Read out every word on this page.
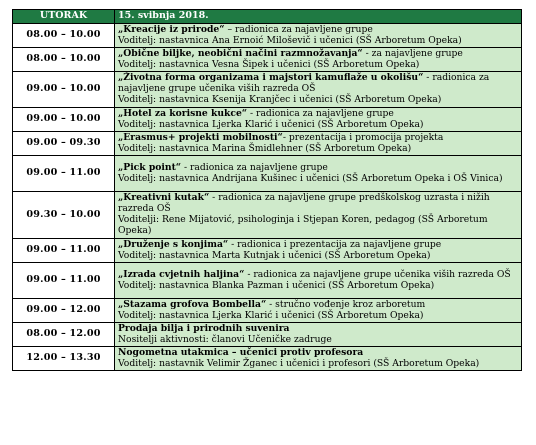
UTORAK	15. svibnja 2018.
08.00 – 10.00	„Kreacije iz prirode“ – radionica za najavljene grupe
Voditelj: nastavnica Ana Ernoić Miloševič i učenici (SŠ Arboretum Opeka)
08.00 – 10.00	„Obične biljke, neobični načini razmnožavanja“ - za najavljene grupe
Voditelj: nastavnica Vesna Šipek i učenici (SŠ Arboretum Opeka)
09.00 – 10.00	„Životna forma organizama i majstori kamuflaže u okolišu“ - radionica za najavljene grupe učenika viših razreda OŠ
Voditelj: nastavnica Ksenija Kranjčec i učenici (SŠ Arboretum Opeka)
09.00 – 10.00	„Hotel za korisne kukce“ - radionica za najavljene grupe
Voditelj: nastavnica Ljerka Klarić i učenici (SŠ Arboretum Opeka)
09.00 – 09.30	„Erasmus+ projekti mobilnosti“- prezentacija i promocija projekta
Voditelj: nastavnica Marina Šmidlehner (SŠ Arboretum Opeka)
09.00 – 11.00	„Pick point“ - radionica za najavljene grupe
Voditelj: nastavnica Andrijana Kušinec i učenici (SŠ Arboretum Opeka i OŠ Vinica)
09.30 – 10.00	„Kreativni kutak“ - radionica za najavljene grupe predškolskog uzrasta i nižih razreda OŠ
Voditelji: Rene Mijatović, psihologinja i Stjepan Koren, pedagog (SŠ Arboretum Opeka)
09.00 – 11.00	„Druženje s konjima“ - radionica i prezentacija za najavljene grupe
Voditelj: nastavnica Marta Kutnjak i učenici (SŠ Arboretum Opeka)
09.00 – 11.00	„Izrada cvjetnih haljina“ - radionica za najavljene grupe učenika viših razreda OŠ
Voditelj: nastavnica Blanka Pazman i učenici (SŠ Arboretum Opeka)
09.00 – 12.00	„Stazama grofova Bombella“ - stručno vođenje kroz arboretum
Voditelj: nastavnica Ljerka Klarić i učenici (SŠ Arboretum Opeka)
08.00 – 12.00	Prodaja bilja i prirodnih suvenira
Nositelji aktivnosti: članovi Učeničke zadruge
12.00 – 13.30	Nogometna utakmica – učenici protiv profesora
Voditelj: nastavnik Velimir Žganec i učenici i profesori (SŠ Arboretum Opeka)
